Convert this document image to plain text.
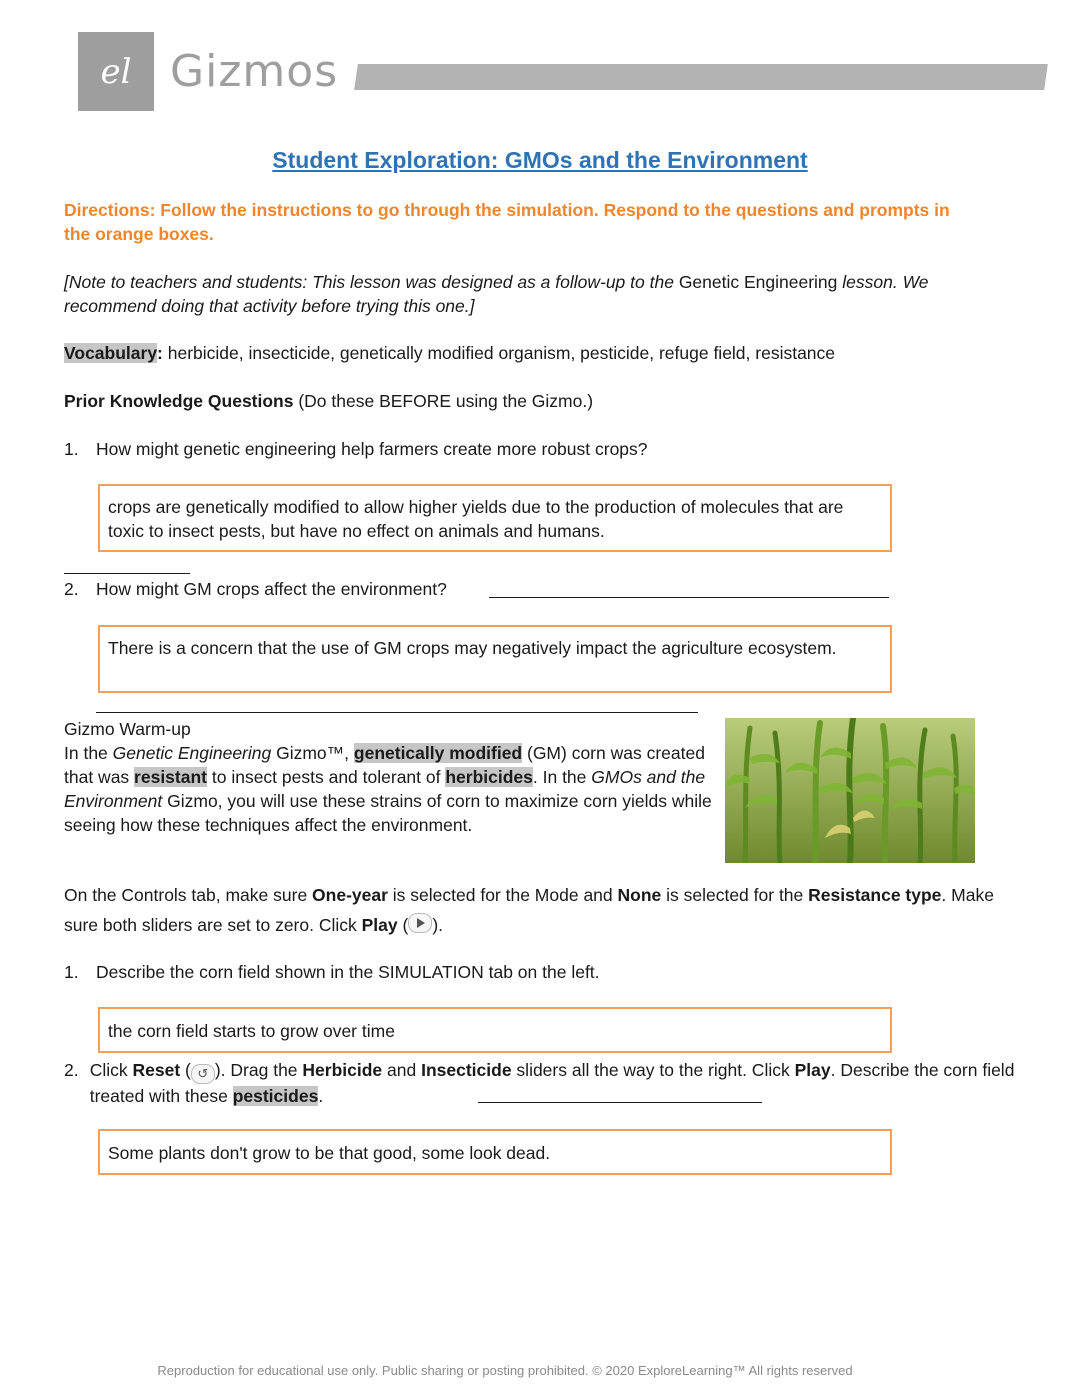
el Gizmos
Student Exploration: GMOs and the Environment
Directions: Follow the instructions to go through the simulation. Respond to the questions and prompts in the orange boxes.
[Note to teachers and students: This lesson was designed as a follow-up to the Genetic Engineering lesson. We recommend doing that activity before trying this one.]
Vocabulary: herbicide, insecticide, genetically modified organism, pesticide, refuge field, resistance
Prior Knowledge Questions (Do these BEFORE using the Gizmo.)
1. How might genetic engineering help farmers create more robust crops?
crops are genetically modified to allow higher yields due to the production of molecules that are toxic to insect pests, but have no effect on animals and humans.
2. How might GM crops affect the environment?
There is a concern that the use of GM crops may negatively impact the agriculture ecosystem.
Gizmo Warm-up
In the Genetic Engineering Gizmo™, genetically modified (GM) corn was created that was resistant to insect pests and tolerant of herbicides. In the GMOs and the Environment Gizmo, you will use these strains of corn to maximize corn yields while seeing how these techniques affect the environment.
On the Controls tab, make sure One-year is selected for the Mode and None is selected for the Resistance type. Make sure both sliders are set to zero. Click Play ( ).
1. Describe the corn field shown in the SIMULATION tab on the left.
the corn field starts to grow over time
2. Click Reset ( ↺ ). Drag the Herbicide and Insecticide sliders all the way to the right. Click Play. Describe the corn field treated with these pesticides.
Some plants don't grow to be that good, some look dead.
Reproduction for educational use only. Public sharing or posting prohibited. © 2020 ExploreLearning™ All rights reserved
